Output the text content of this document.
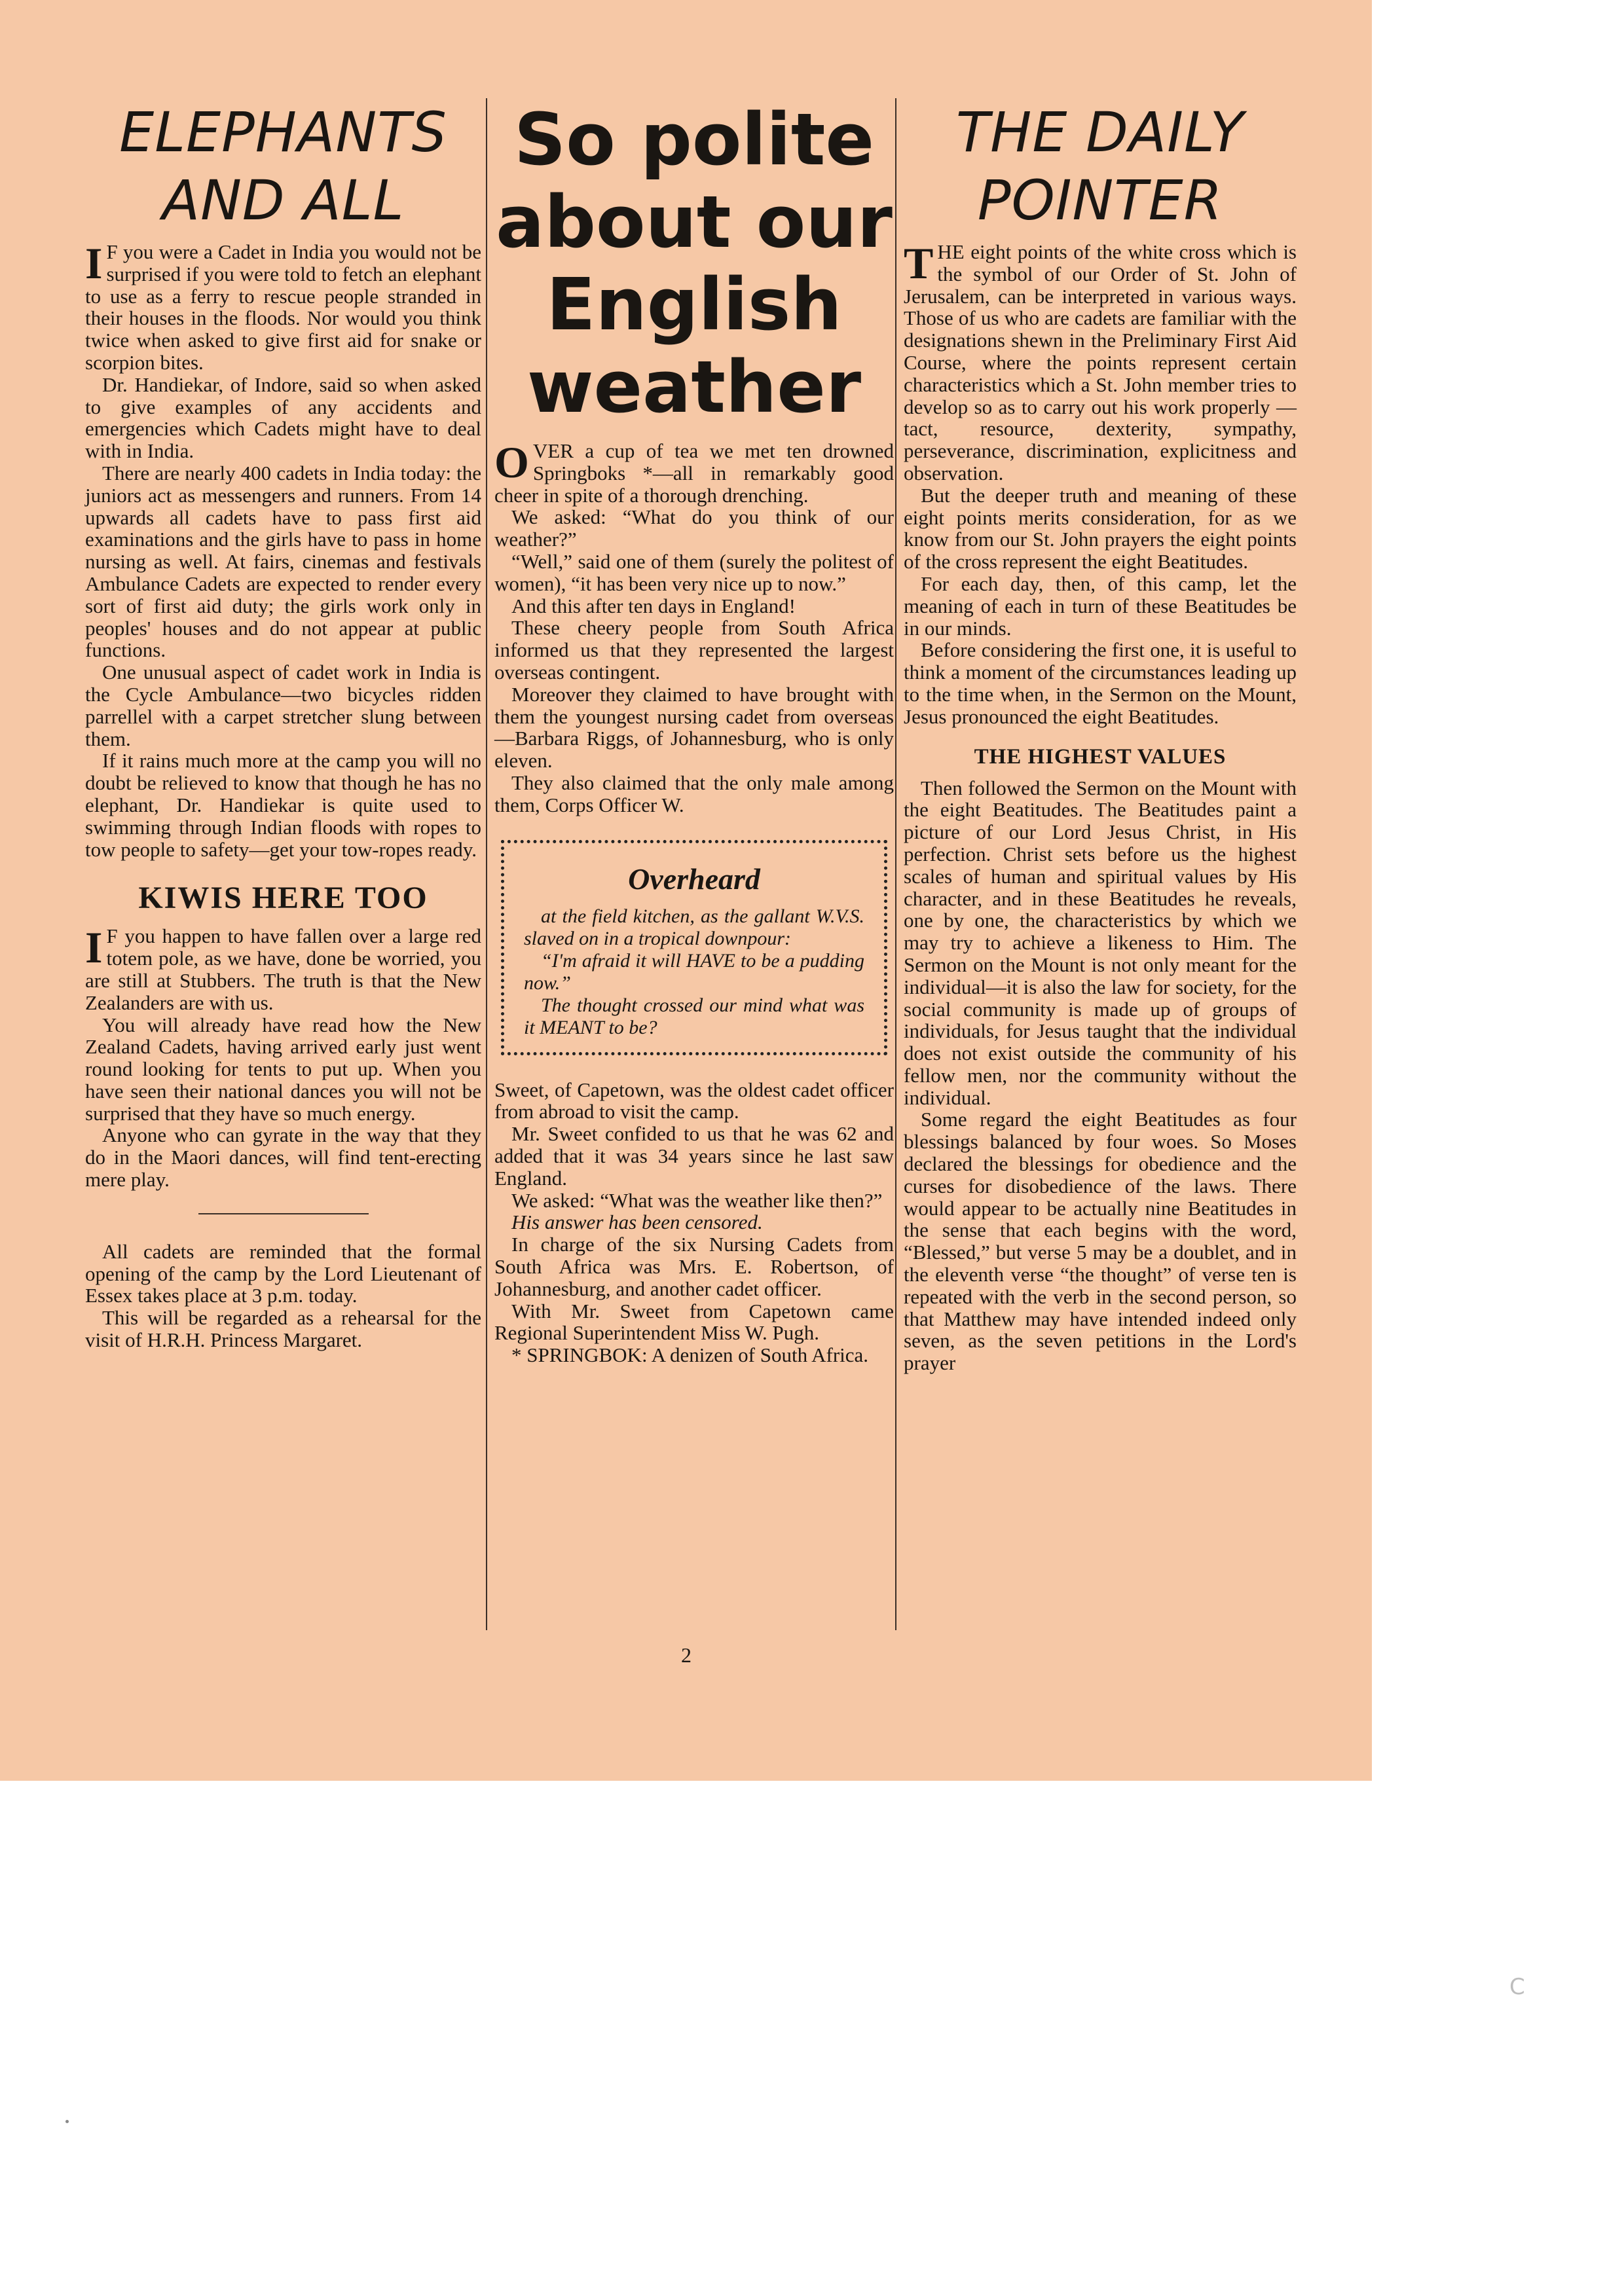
ELEPHANTS
AND ALL

I F you were a Cadet in India you would not be surprised if you were told to fetch an elephant to use as a ferry to rescue people stranded in their houses in the floods. Nor would you think twice when asked to give first aid for snake or scorpion bites.

Dr. Handiekar, of Indore, said so when asked to give examples of any accidents and emergencies which Cadets might have to deal with in India.

There are nearly 400 cadets in India today: the juniors act as messengers and runners. From 14 upwards all cadets have to pass first aid examinations and the girls have to pass in home nursing as well. At fairs, cinemas and festivals Ambulance Cadets are expected to render every sort of first aid duty; the girls work only in peoples' houses and do not appear at public functions.

One unusual aspect of cadet work in India is the Cycle Ambulance—two bicycles ridden parrellel with a carpet stretcher slung between them.

If it rains much more at the camp you will no doubt be relieved to know that though he has no elephant, Dr. Handiekar is quite used to swimming through Indian floods with ropes to tow people to safety—get your tow-ropes ready.

KIWIS HERE TOO

I F you happen to have fallen over a large red totem pole, as we have, done be worried, you are still at Stubbers. The truth is that the New Zealanders are with us.

You will already have read how the New Zealand Cadets, having arrived early just went round looking for tents to put up. When you have seen their national dances you will not be surprised that they have so much energy.

Anyone who can gyrate in the way that they do in the Maori dances, will find tent-erecting mere play.

All cadets are reminded that the formal opening of the camp by the Lord Lieutenant of Essex takes place at 3 p.m. today.

This will be regarded as a rehearsal for the visit of H.R.H. Princess Margaret.

So polite
about our
English
weather

OVER a cup of tea we met ten drowned Springboks *—all in remarkably good cheer in spite of a thorough drenching.

We asked: “What do you think of our weather?”

“Well,” said one of them (surely the politest of women), “it has been very nice up to now.”

And this after ten days in England!

These cheery people from South Africa informed us that they represented the largest overseas contingent.

Moreover they claimed to have brought with them the youngest nursing cadet from overseas—Barbara Riggs, of Johannesburg, who is only eleven.

They also claimed that the only male among them, Corps Officer W.

Overheard

at the field kitchen, as the gallant W.V.S. slaved on in a tropical downpour:

“I'm afraid it will HAVE to be a pudding now.”

The thought crossed our mind what was it MEANT to be?

Sweet, of Capetown, was the oldest cadet officer from abroad to visit the camp.

Mr. Sweet confided to us that he was 62 and added that it was 34 years since he last saw England.

We asked: “What was the weather like then?”

His answer has been censored.

In charge of the six Nursing Cadets from South Africa was Mrs. E. Robertson, of Johannesburg, and another cadet officer.

With Mr. Sweet from Capetown came Regional Superintendent Miss W. Pugh.

* SPRINGBOK: A denizen of South Africa.

THE DAILY
POINTER

THE eight points of the white cross which is the symbol of our Order of St. John of Jerusalem, can be interpreted in various ways. Those of us who are cadets are familiar with the designations shewn in the Preliminary First Aid Course, where the points represent certain characteristics which a St. John member tries to develop so as to carry out his work properly — tact, resource, dexterity, sympathy, perseverance, discrimination, explicitness and observation.

But the deeper truth and meaning of these eight points merits consideration, for as we know from our St. John prayers the eight points of the cross represent the eight Beatitudes.

For each day, then, of this camp, let the meaning of each in turn of these Beatitudes be in our minds.

Before considering the first one, it is useful to think a moment of the circumstances leading up to the time when, in the Sermon on the Mount, Jesus pronounced the eight Beatitudes.

THE HIGHEST VALUES

Then followed the Sermon on the Mount with the eight Beatitudes. The Beatitudes paint a picture of our Lord Jesus Christ, in His perfection. Christ sets before us the highest scales of human and spiritual values by His character, and in these Beatitudes he reveals, one by one, the characteristics by which we may try to achieve a likeness to Him. The Sermon on the Mount is not only meant for the individual—it is also the law for society, for the social community is made up of groups of individuals, for Jesus taught that the individual does not exist outside the community of his fellow men, nor the community without the individual.

Some regard the eight Beatitudes as four blessings balanced by four woes. So Moses declared the blessings for obedience and the curses for disobedience of the laws. There would appear to be actually nine Beatitudes in the sense that each begins with the word, “Blessed,” but verse 5 may be a doublet, and in the eleventh verse “the thought” of verse ten is repeated with the verb in the second person, so that Matthew may have intended indeed only seven, as the seven petitions in the Lord's prayer

2
C
